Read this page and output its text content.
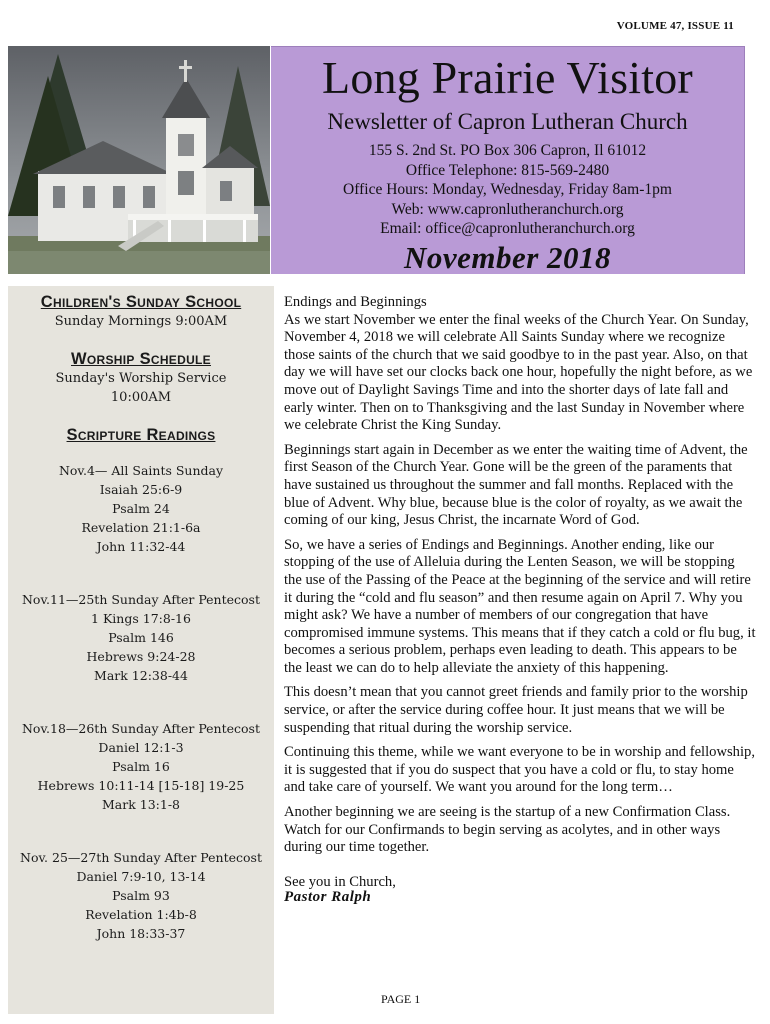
VOLUME 47, ISSUE 11
Long Prairie Visitor
Newsletter of Capron Lutheran Church
155 S. 2nd St. PO Box 306 Capron, Il 61012
Office Telephone: 815-569-2480
Office Hours: Monday, Wednesday, Friday 8am-1pm
Web: www.capronlutheranchurch.org
Email: office@capronlutheranchurch.org
November 2018
Children's Sunday School
Sunday Mornings 9:00AM
Worship Schedule
Sunday's Worship Service
10:00AM
Scripture Readings
Nov.4— All Saints Sunday
Isaiah 25:6-9
Psalm 24
Revelation 21:1-6a
John 11:32-44
Nov.11—25th Sunday After Pentecost
1 Kings 17:8-16
Psalm 146
Hebrews 9:24-28
Mark 12:38-44
Nov.18—26th Sunday After Pentecost
Daniel 12:1-3
Psalm 16
Hebrews 10:11-14 [15-18] 19-25
Mark 13:1-8
Nov. 25—27th Sunday After Pentecost
Daniel 7:9-10, 13-14
Psalm 93
Revelation 1:4b-8
John 18:33-37

Endings and Beginnings

As we start November we enter the final weeks of the Church Year. On Sunday, November 4, 2018 we will celebrate All Saints Sunday where we recognize those saints of the church that we said goodbye to in the past year. Also, on that day we will have set our clocks back one hour, hopefully the night before, as we move out of Daylight Savings Time and into the shorter days of late fall and early winter. Then on to Thanksgiving and the last Sunday in November where we celebrate Christ the King Sunday.

Beginnings start again in December as we enter the waiting time of Advent, the first Season of the Church Year. Gone will be the green of the paraments that have sustained us throughout the summer and fall months. Replaced with the blue of Advent. Why blue, because blue is the color of royalty, as we await the coming of our king, Jesus Christ, the incarnate Word of God.

So, we have a series of Endings and Beginnings. Another ending, like our stopping of the use of Alleluia during the Lenten Season, we will be stopping the use of the Passing of the Peace at the beginning of the service and will retire it during the “cold and flu season” and then resume again on April 7. Why you might ask? We have a number of members of our congregation that have compromised immune systems. This means that if they catch a cold or flu bug, it becomes a serious problem, perhaps even leading to death. This appears to be the least we can do to help alleviate the anxiety of this happening.

This doesn’t mean that you cannot greet friends and family prior to the worship service, or after the service during coffee hour. It just means that we will be suspending that ritual during the worship service.

Continuing this theme, while we want everyone to be in worship and fellowship, it is suggested that if you do suspect that you have a cold or flu, to stay home and take care of yourself. We want you around for the long term…

Another beginning we are seeing is the startup of a new Confirmation Class. Watch for our Confirmands to begin serving as acolytes, and in other ways during our time together.

See you in Church,

Pastor Ralph
PAGE 1
